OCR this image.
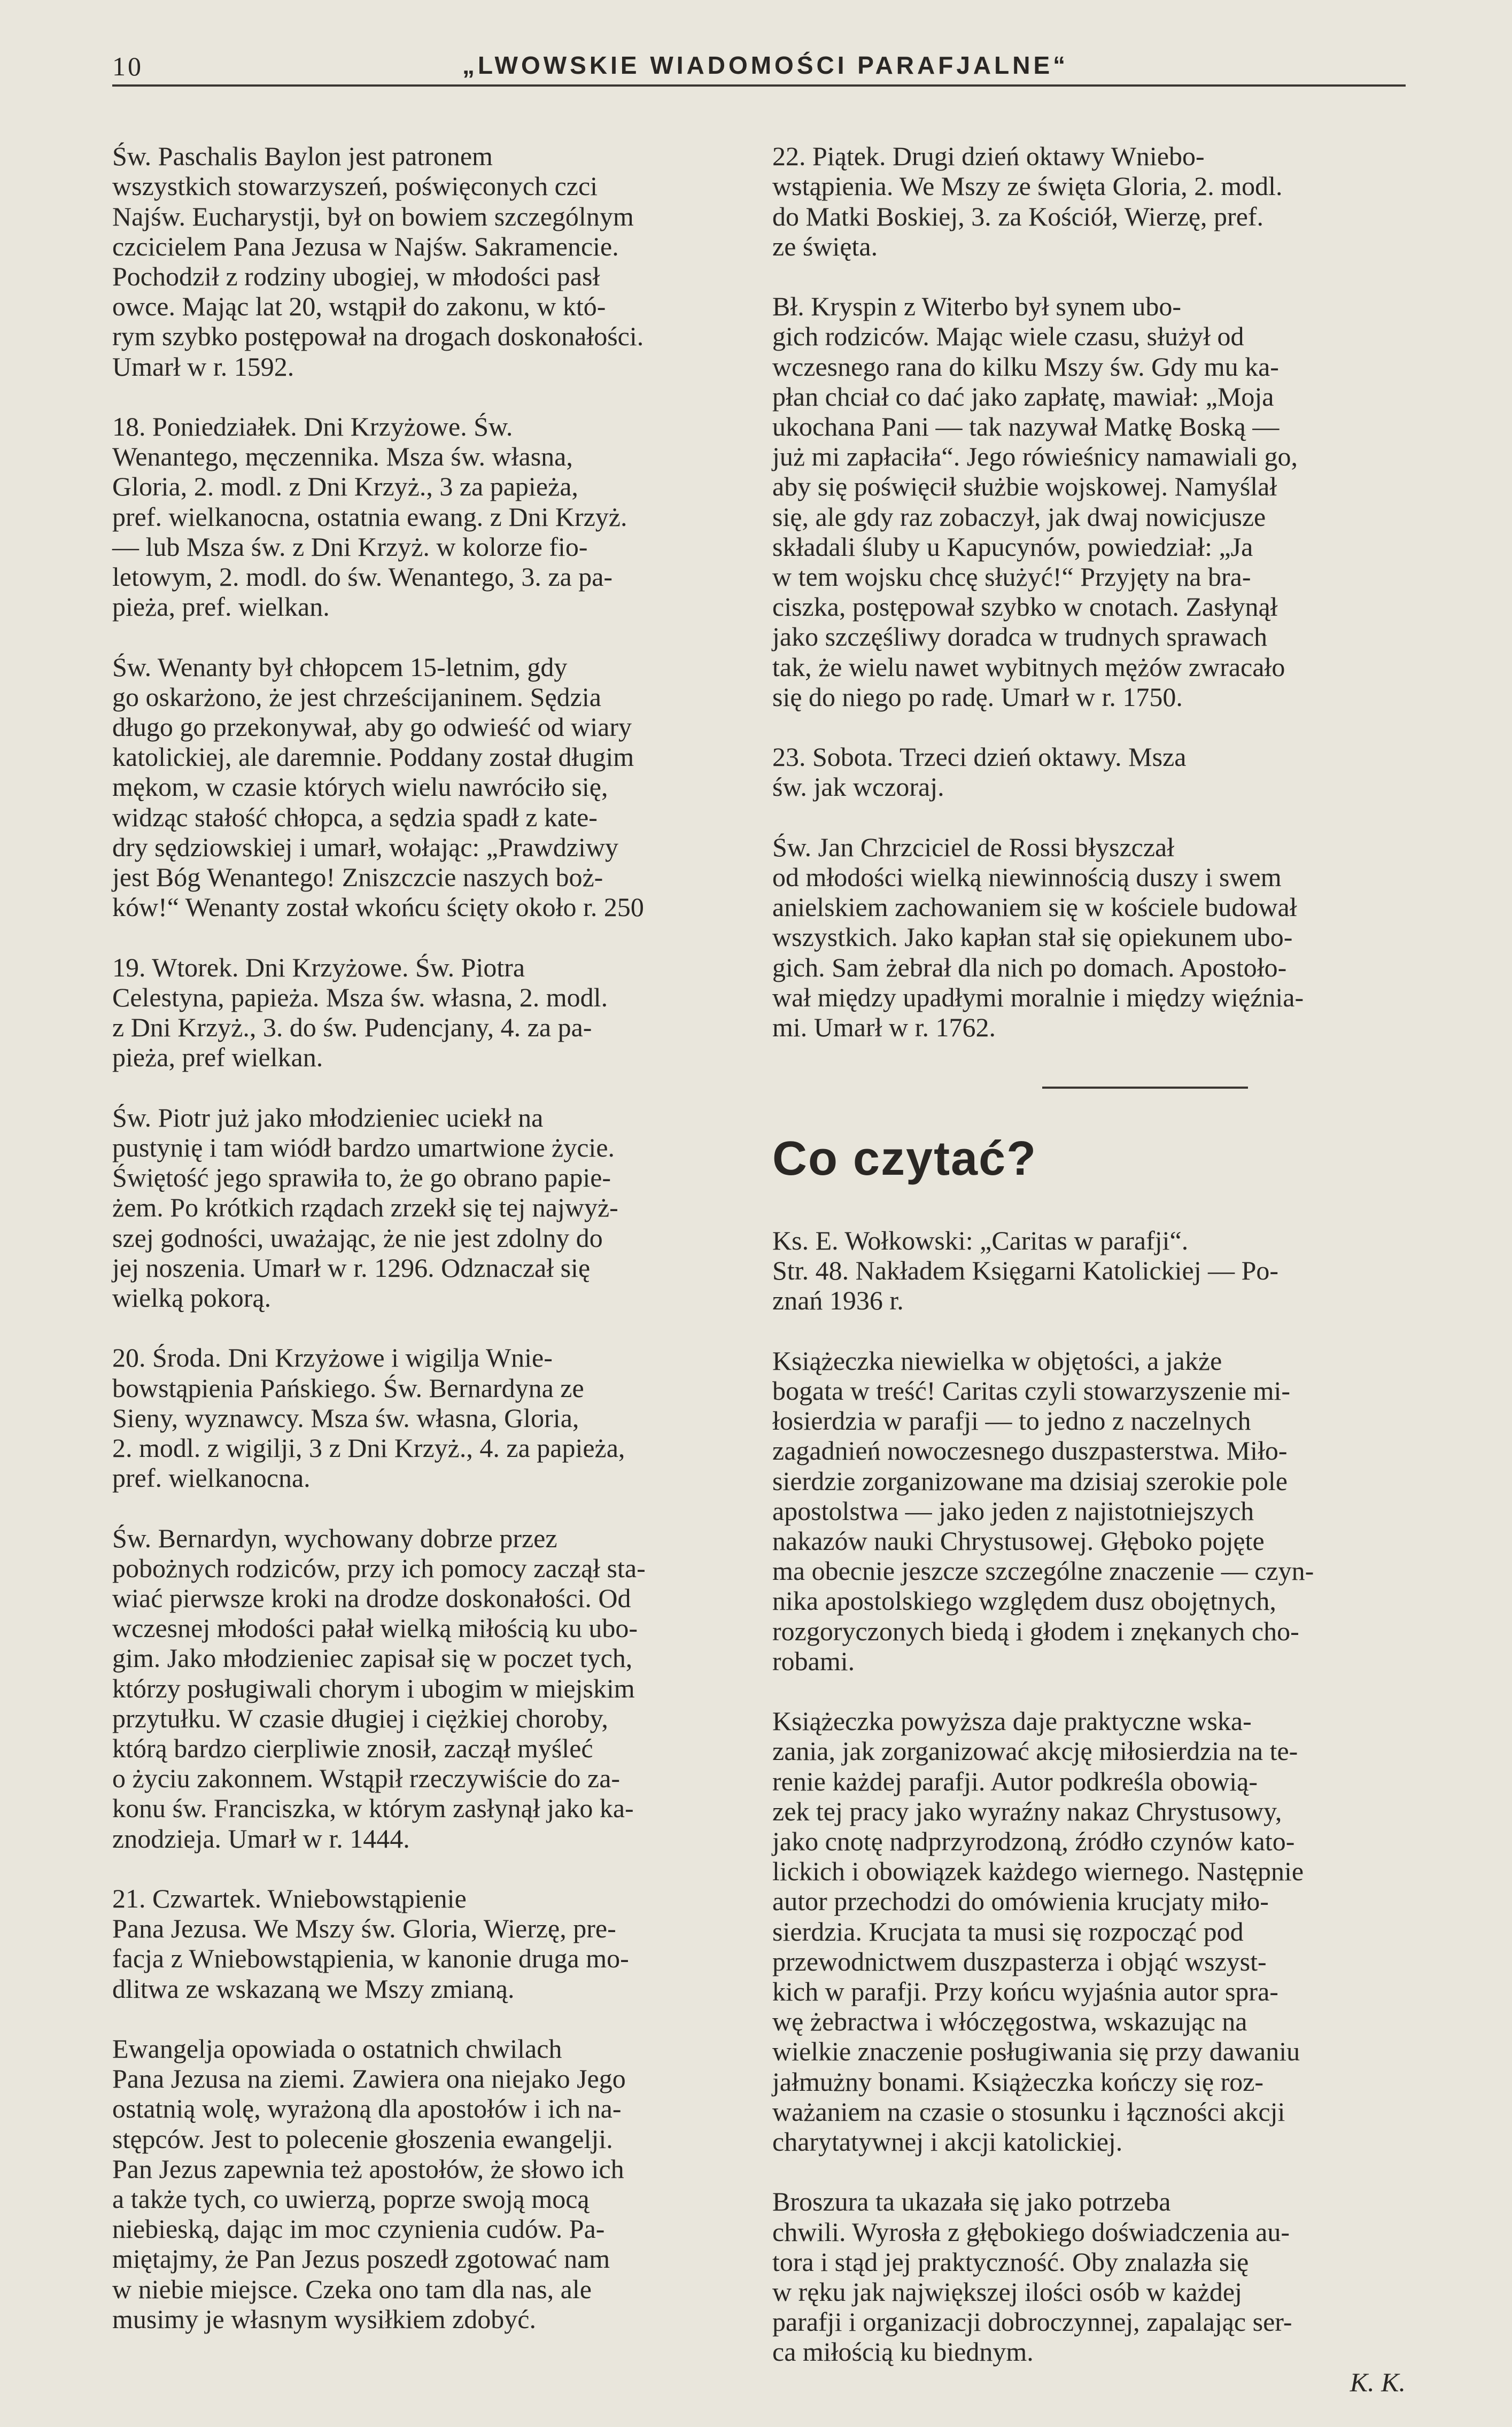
10	„LWOWSKIE WIADOMOŚCI PARAFJALNE“

Św. Paschalis Baylon jest patronem
wszystkich stowarzyszeń, poświęconych czci
Najśw. Eucharystji, był on bowiem szczególnym
czcicielem Pana Jezusa w Najśw. Sakramencie.
Pochodził z rodziny ubogiej, w młodości pasł
owce. Mając lat 20, wstąpił do zakonu, w któ-
rym szybko postępował na drogach doskonałości.
Umarł w r. 1592.

18. Poniedziałek. Dni Krzyżowe. Św.
Wenantego, męczennika. Msza św. własna,
Gloria, 2. modl. z Dni Krzyż., 3 za papieża,
pref. wielkanocna, ostatnia ewang. z Dni Krzyż.
— lub Msza św. z Dni Krzyż. w kolorze fio-
letowym, 2. modl. do św. Wenantego, 3. za pa-
pieża, pref. wielkan.

Św. Wenanty był chłopcem 15-letnim, gdy
go oskarżono, że jest chrześcijaninem. Sędzia
długo go przekonywał, aby go odwieść od wiary
katolickiej, ale daremnie. Poddany został długim
mękom, w czasie których wielu nawróciło się,
widząc stałość chłopca, a sędzia spadł z kate-
dry sędziowskiej i umarł, wołając: „Prawdziwy
jest Bóg Wenantego! Zniszczcie naszych boż-
ków!“ Wenanty został wkońcu ścięty około r. 250

19. Wtorek. Dni Krzyżowe. Św. Piotra
Celestyna, papieża. Msza św. własna, 2. modl.
z Dni Krzyż., 3. do św. Pudencjany, 4. za pa-
pieża, pref wielkan.

Św. Piotr już jako młodzieniec uciekł na
pustynię i tam wiódł bardzo umartwione życie.
Świętość jego sprawiła to, że go obrano papie-
żem. Po krótkich rządach zrzekł się tej najwyż-
szej godności, uważając, że nie jest zdolny do
jej noszenia. Umarł w r. 1296. Odznaczał się
wielką pokorą.

20. Środa. Dni Krzyżowe i wigilja Wnie-
bowstąpienia Pańskiego. Św. Bernardyna ze
Sieny, wyznawcy. Msza św. własna, Gloria,
2. modl. z wigilji, 3 z Dni Krzyż., 4. za papieża,
pref. wielkanocna.

Św. Bernardyn, wychowany dobrze przez
pobożnych rodziców, przy ich pomocy zaczął sta-
wiać pierwsze kroki na drodze doskonałości. Od
wczesnej młodości pałał wielką miłością ku ubo-
gim. Jako młodzieniec zapisał się w poczet tych,
którzy posługiwali chorym i ubogim w miejskim
przytułku. W czasie długiej i ciężkiej choroby,
którą bardzo cierpliwie znosił, zaczął myśleć
o życiu zakonnem. Wstąpił rzeczywiście do za-
konu św. Franciszka, w którym zasłynął jako ka-
znodzieja. Umarł w r. 1444.

21. Czwartek. Wniebowstąpienie
Pana Jezusa. We Mszy św. Gloria, Wierzę, pre-
facja z Wniebowstąpienia, w kanonie druga mo-
dlitwa ze wskazaną we Mszy zmianą.

Ewangelja opowiada o ostatnich chwilach
Pana Jezusa na ziemi. Zawiera ona niejako Jego
ostatnią wolę, wyrażoną dla apostołów i ich na-
stępców. Jest to polecenie głoszenia ewangelji.
Pan Jezus zapewnia też apostołów, że słowo ich
a także tych, co uwierzą, poprze swoją mocą
niebieską, dając im moc czynienia cudów. Pa-
miętajmy, że Pan Jezus poszedł zgotować nam
w niebie miejsce. Czeka ono tam dla nas, ale
musimy je własnym wysiłkiem zdobyć.

22. Piątek. Drugi dzień oktawy Wniebo-
wstąpienia. We Mszy ze święta Gloria, 2. modl.
do Matki Boskiej, 3. za Kościół, Wierzę, pref.
ze święta.

Bł. Kryspin z Witerbo był synem ubo-
gich rodziców. Mając wiele czasu, służył od
wczesnego rana do kilku Mszy św. Gdy mu ka-
płan chciał co dać jako zapłatę, mawiał: „Moja
ukochana Pani — tak nazywał Matkę Boską —
już mi zapłaciła“. Jego rówieśnicy namawiali go,
aby się poświęcił służbie wojskowej. Namyślał
się, ale gdy raz zobaczył, jak dwaj nowicjusze
składali śluby u Kapucynów, powiedział: „Ja
w tem wojsku chcę służyć!“ Przyjęty na bra-
ciszka, postępował szybko w cnotach. Zasłynął
jako szczęśliwy doradca w trudnych sprawach
tak, że wielu nawet wybitnych mężów zwracało
się do niego po radę. Umarł w r. 1750.

23. Sobota. Trzeci dzień oktawy. Msza
św. jak wczoraj.

Św. Jan Chrzciciel de Rossi błyszczał
od młodości wielką niewinnością duszy i swem
anielskiem zachowaniem się w kościele budował
wszystkich. Jako kapłan stał się opiekunem ubo-
gich. Sam żebrał dla nich po domach. Apostoło-
wał między upadłymi moralnie i między więźnia-
mi. Umarł w r. 1762.

Co czytać?

Ks. E. Wołkowski: „Caritas w parafji“.
Str. 48. Nakładem Księgarni Katolickiej — Po-
znań 1936 r.

Książeczka niewielka w objętości, a jakże
bogata w treść! Caritas czyli stowarzyszenie mi-
łosierdzia w parafji — to jedno z naczelnych
zagadnień nowoczesnego duszpasterstwa. Miło-
sierdzie zorganizowane ma dzisiaj szerokie pole
apostolstwa — jako jeden z najistotniejszych
nakazów nauki Chrystusowej. Głęboko pojęte
ma obecnie jeszcze szczególne znaczenie — czyn-
nika apostolskiego względem dusz obojętnych,
rozgoryczonych biedą i głodem i znękanych cho-
robami.

Książeczka powyższa daje praktyczne wska-
zania, jak zorganizować akcję miłosierdzia na te-
renie każdej parafji. Autor podkreśla obowią-
zek tej pracy jako wyraźny nakaz Chrystusowy,
jako cnotę nadprzyrodzoną, źródło czynów kato-
lickich i obowiązek każdego wiernego. Następnie
autor przechodzi do omówienia krucjaty miło-
sierdzia. Krucjata ta musi się rozpocząć pod
przewodnictwem duszpasterza i objąć wszyst-
kich w parafji. Przy końcu wyjaśnia autor spra-
wę żebractwa i włóczęgostwa, wskazując na
wielkie znaczenie posługiwania się przy dawaniu
jałmużny bonami. Książeczka kończy się roz-
ważaniem na czasie o stosunku i łączności akcji
charytatywnej i akcji katolickiej.

Broszura ta ukazała się jako potrzeba
chwili. Wyrosła z głębokiego doświadczenia au-
tora i stąd jej praktyczność. Oby znalazła się
w ręku jak największej ilości osób w każdej
parafji i organizacji dobroczynnej, zapalając ser-
ca miłością ku biednym.

K. K.
